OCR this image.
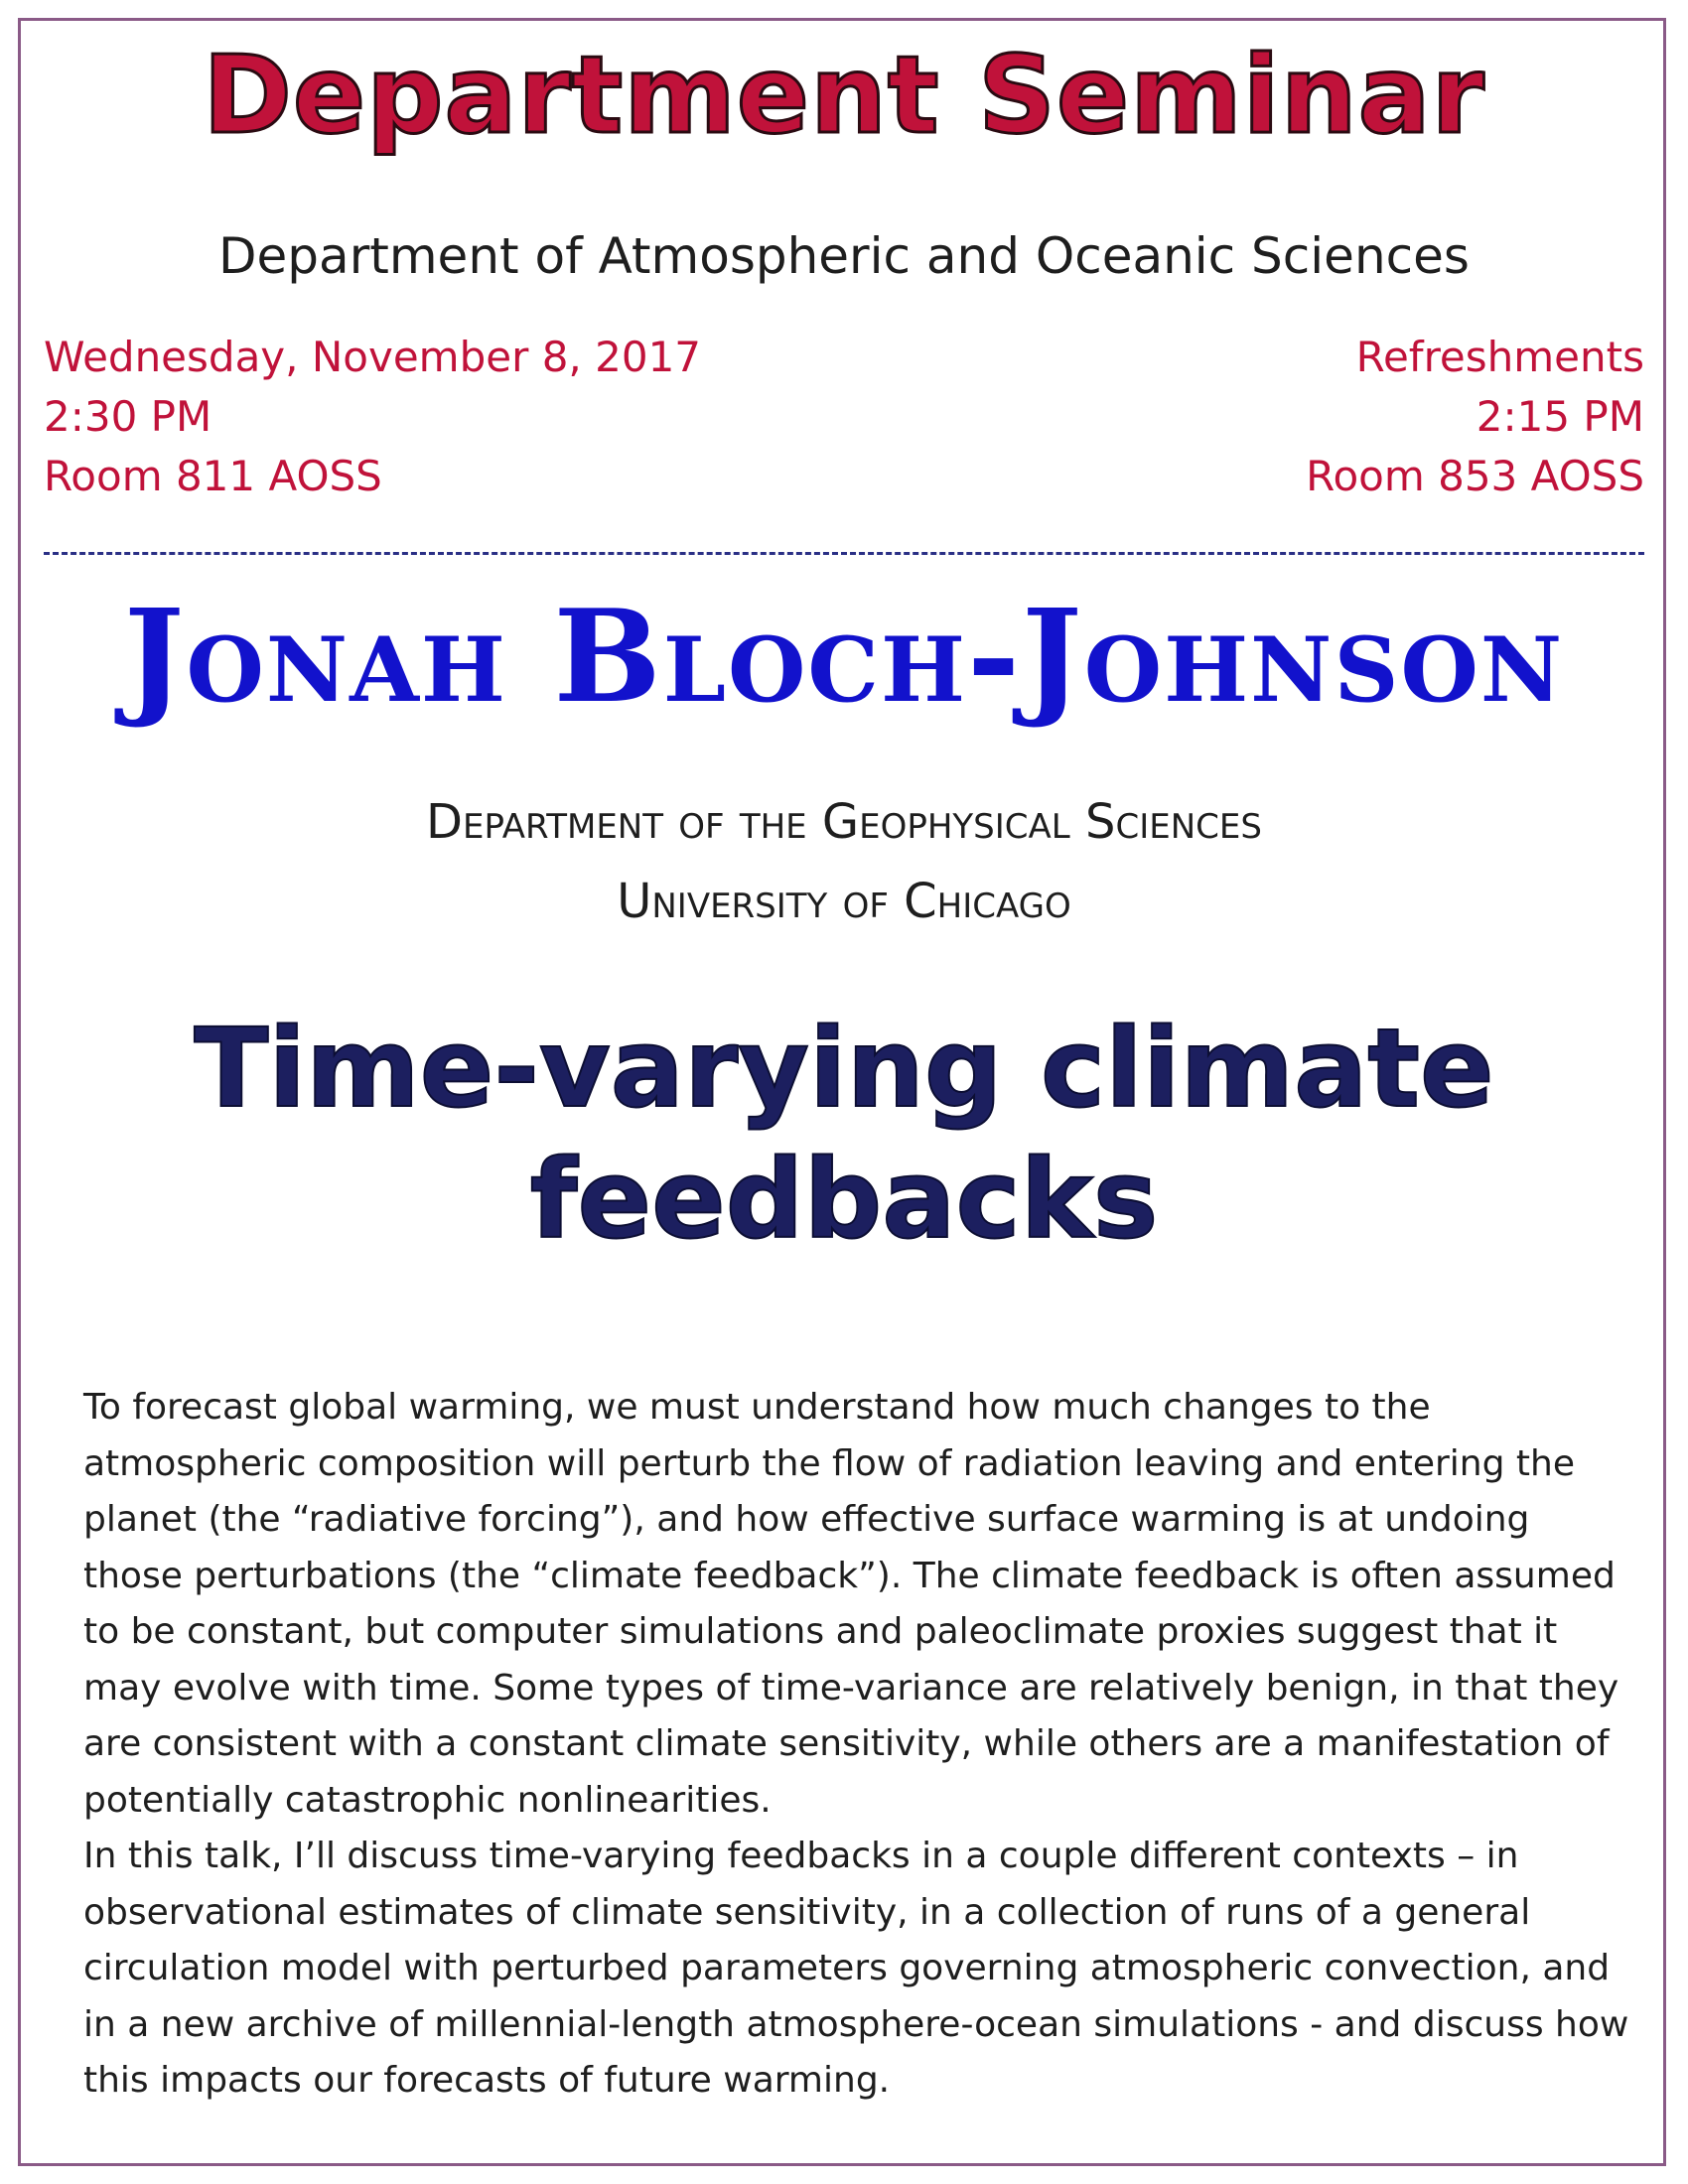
Department Seminar
Department of Atmospheric and Oceanic Sciences
Wednesday, November 8, 2017
2:30 PM
Room 811 AOSS
Refreshments
2:15 PM
Room 853 AOSS
Jonah Bloch-Johnson
Department of the Geophysical Sciences
University of Chicago
Time-varying climate
feedbacks

To forecast global warming, we must understand how much changes to the atmospheric composition will perturb the flow of radiation leaving and entering the planet (the “radiative forcing”), and how effective surface warming is at undoing those perturbations (the “climate feedback”). The climate feedback is often assumed to be constant, but computer simulations and paleoclimate proxies suggest that it may evolve with time. Some types of time-variance are relatively benign, in that they are consistent with a constant climate sensitivity, while others are a manifestation of potentially catastrophic nonlinearities.

In this talk, I’ll discuss time-varying feedbacks in a couple different contexts – in observational estimates of climate sensitivity, in a collection of runs of a general circulation model with perturbed parameters governing atmospheric convection, and in a new archive of millennial-length atmosphere-ocean simulations - and discuss how this impacts our forecasts of future warming.
